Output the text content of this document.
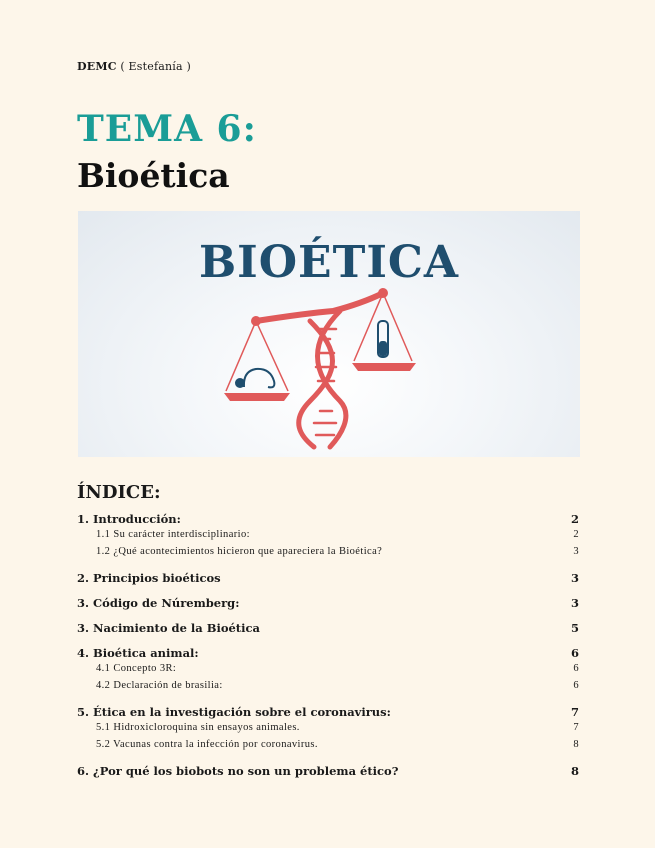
DEMC ( Estefanía )
TEMA 6:
Bioética
BIOÉTICA
ÍNDICE:
1. Introducción:	2
1.1 Su carácter interdisciplinario:	2
1.2 ¿Qué acontecimientos hicieron que apareciera la Bioética?	3
2. Principios bioéticos	3
3. Código de Núremberg:	3
3. Nacimiento de la Bioética	5
4. Bioética animal:	6
4.1 Concepto 3R:	6
4.2 Declaración de brasilia:	6
5. Ética en la investigación sobre el coronavirus:	7
5.1 Hidroxicloroquina sin ensayos animales.	7
5.2 Vacunas contra la infección por coronavirus.	8
6. ¿Por qué los biobots no son un problema ético?	8
